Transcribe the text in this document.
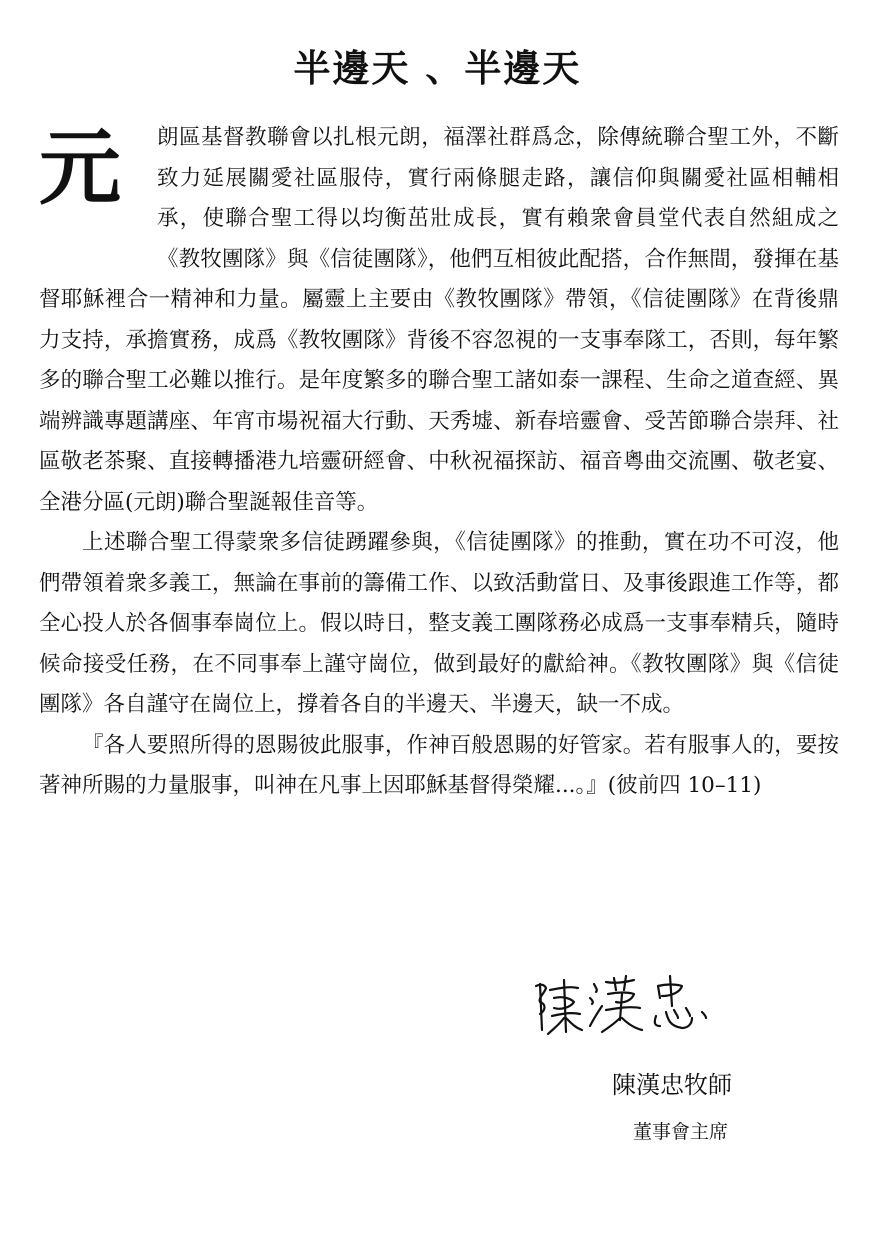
半邊天 、半邊天

元	朗區基督教聯會以扎根元朗，福澤社群爲念，除傳統聯合聖工外，不斷致力延展關愛社區服侍，實行兩條腿走路，讓信仰與關愛社區相輔相承，使聯合聖工得以均衡茁壯成長，實有賴衆會員堂代表自然組成之《教牧團隊》與《信徒團隊》，他們互相彼此配搭，合作無間，發揮在基督耶穌裡合一精神和力量。屬靈上主要由《教牧團隊》帶領，《信徒團隊》在背後鼎力支持，承擔實務，成爲《教牧團隊》背後不容忽視的一支事奉隊工，否則，每年繁多的聯合聖工必難以推行。是年度繁多的聯合聖工諸如泰一課程、生命之道查經、異端辨識專題講座、年宵市場祝福大行動、天秀墟、新春培靈會、受苦節聯合崇拜、社區敬老茶聚、直接轉播港九培靈研經會、中秋祝福探訪、福音粵曲交流團、敬老宴、全港分區(元朗)聯合聖誕報佳音等。

上述聯合聖工得蒙衆多信徒踴躍參與，《信徒團隊》的推動，實在功不可沒，他們帶領着衆多義工，無論在事前的籌備工作、以致活動當日、及事後跟進工作等，都全心投人於各個事奉崗位上。假以時日，整支義工團隊務必成爲一支事奉精兵，隨時候命接受任務，在不同事奉上謹守崗位，做到最好的獻給神。《教牧團隊》與《信徒團隊》各自謹守在崗位上，撐着各自的半邊天、半邊天，缺一不成。

『各人要照所得的恩賜彼此服事，作神百般恩賜的好管家。若有服事人的，要按著神所賜的力量服事，叫神在凡事上因耶穌基督得榮耀...。』(彼前四 10–11)

陳漢忠牧師
董事會主席
